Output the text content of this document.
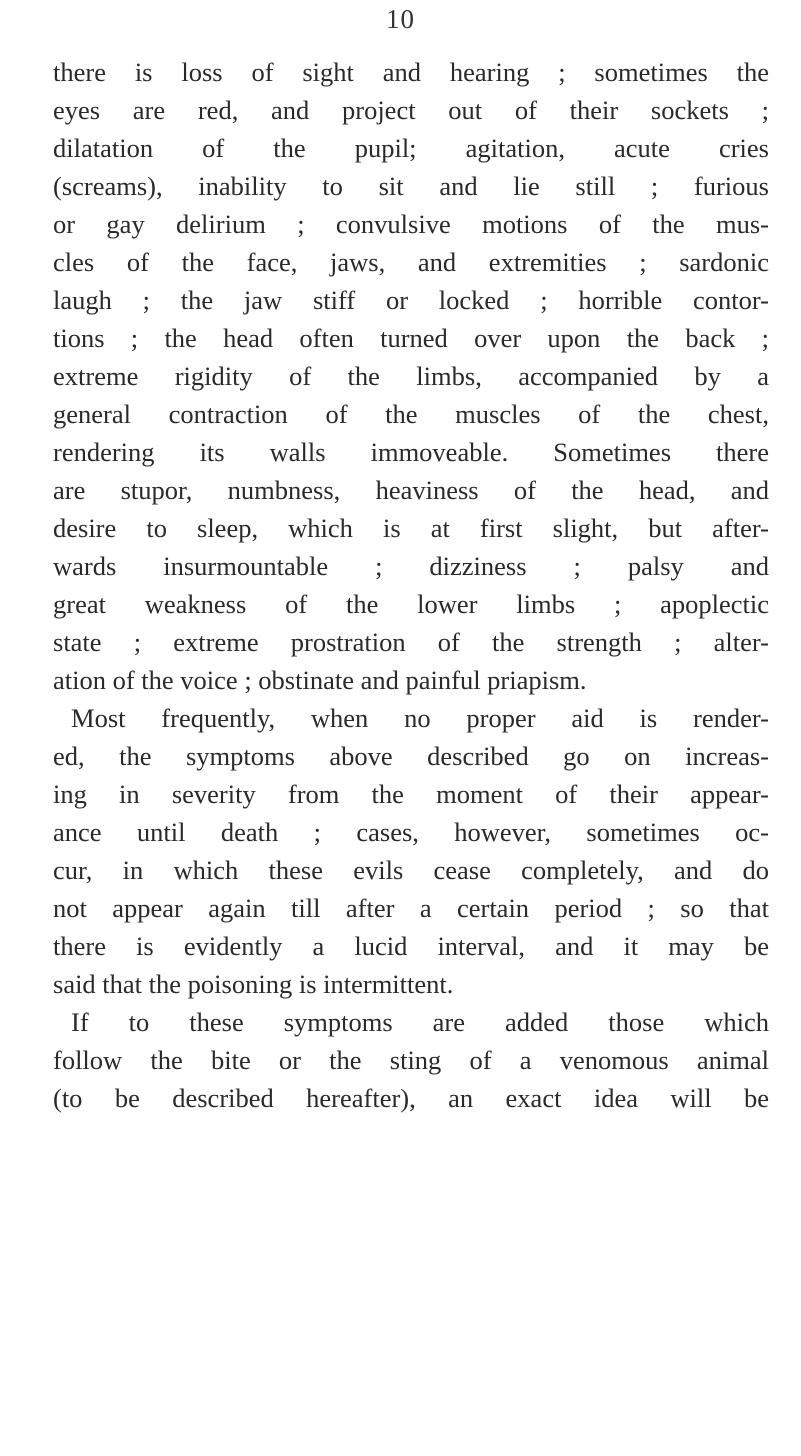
10
there is loss of sight and hearing ; sometimes the
eyes are red, and project out of their sockets ;
dilatation of the pupil; agitation, acute cries
(screams), inability to sit and lie still ; furious
or gay delirium ; convulsive motions of the mus-
cles of the face, jaws, and extremities ; sardonic
laugh ; the jaw stiff or locked ; horrible contor-
tions ; the head often turned over upon the back ;
extreme rigidity of the limbs, accompanied by a
general contraction of the muscles of the chest,
rendering its walls immoveable. Sometimes there
are stupor, numbness, heaviness of the head, and
desire to sleep, which is at first slight, but after-
wards insurmountable ; dizziness ; palsy and
great weakness of the lower limbs ; apoplectic
state ; extreme prostration of the strength ; alter-
ation of the voice ; obstinate and painful priapism.
Most frequently, when no proper aid is render-
ed, the symptoms above described go on increas-
ing in severity from the moment of their appear-
ance until death ; cases, however, sometimes oc-
cur, in which these evils cease completely, and do
not appear again till after a certain period ; so that
there is evidently a lucid interval, and it may be
said that the poisoning is intermittent.
If to these symptoms are added those which
follow the bite or the sting of a venomous animal
(to be described hereafter), an exact idea will be
